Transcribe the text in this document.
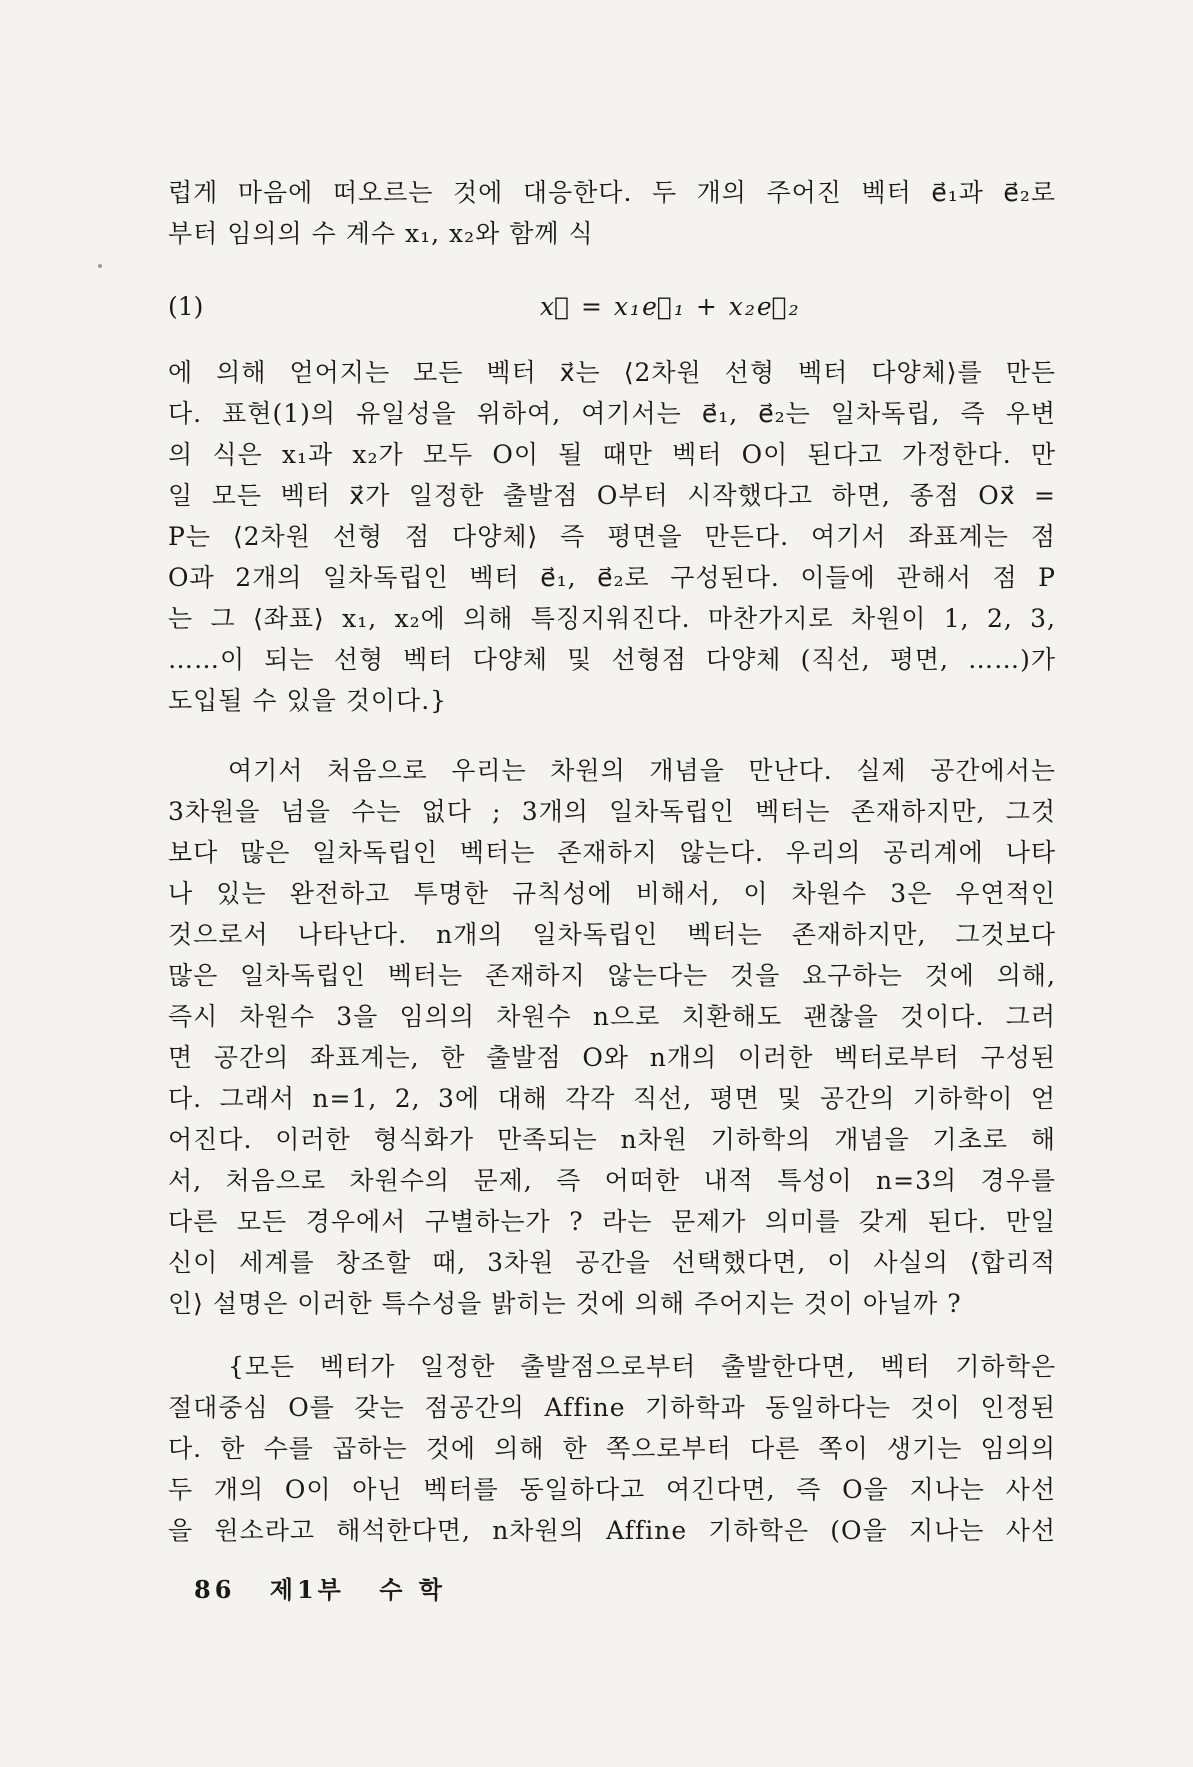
럽게 마음에 떠오르는 것에 대응한다. 두 개의 주어진 벡터 e⃗₁과 e⃗₂로
부터 임의의 수 계수 x₁, x₂와 함께 식
(1)	x⃗ = x₁e⃗₁ + x₂e⃗₂
에 의해 얻어지는 모든 벡터 x⃗는 ⟨2차원 선형 벡터 다양체⟩를 만든
다. 표현(1)의 유일성을 위하여, 여기서는 e⃗₁, e⃗₂는 일차독립, 즉 우변
의 식은 x₁과 x₂가 모두 O이 될 때만 벡터 O이 된다고 가정한다. 만
일 모든 벡터 x⃗가 일정한 출발점 O부터 시작했다고 하면, 종점 Ox⃗ =
P는 ⟨2차원 선형 점 다양체⟩ 즉 평면을 만든다. 여기서 좌표계는 점
O과 2개의 일차독립인 벡터 e⃗₁, e⃗₂로 구성된다. 이들에 관해서 점 P
는 그 ⟨좌표⟩ x₁, x₂에 의해 특징지워진다. 마찬가지로 차원이 1, 2, 3,
……이 되는 선형 벡터 다양체 및 선형점 다양체 (직선, 평면, ……)가
도입될 수 있을 것이다.}
여기서 처음으로 우리는 차원의 개념을 만난다. 실제 공간에서는
3차원을 넘을 수는 없다 ; 3개의 일차독립인 벡터는 존재하지만, 그것
보다 많은 일차독립인 벡터는 존재하지 않는다. 우리의 공리계에 나타
나 있는 완전하고 투명한 규칙성에 비해서, 이 차원수 3은 우연적인
것으로서 나타난다. n개의 일차독립인 벡터는 존재하지만, 그것보다
많은 일차독립인 벡터는 존재하지 않는다는 것을 요구하는 것에 의해,
즉시 차원수 3을 임의의 차원수 n으로 치환해도 괜찮을 것이다. 그러
면 공간의 좌표계는, 한 출발점 O와 n개의 이러한 벡터로부터 구성된
다. 그래서 n=1, 2, 3에 대해 각각 직선, 평면 및 공간의 기하학이 얻
어진다. 이러한 형식화가 만족되는 n차원 기하학의 개념을 기초로 해
서, 처음으로 차원수의 문제, 즉 어떠한 내적 특성이 n=3의 경우를
다른 모든 경우에서 구별하는가 ? 라는 문제가 의미를 갖게 된다. 만일
신이 세계를 창조할 때, 3차원 공간을 선택했다면, 이 사실의 ⟨합리적
인⟩ 설명은 이러한 특수성을 밝히는 것에 의해 주어지는 것이 아닐까 ?
{모든 벡터가 일정한 출발점으로부터 출발한다면, 벡터 기하학은
절대중심 O를 갖는 점공간의 Affine 기하학과 동일하다는 것이 인정된
다. 한 수를 곱하는 것에 의해 한 쪽으로부터 다른 쪽이 생기는 임의의
두 개의 O이 아닌 벡터를 동일하다고 여긴다면, 즉 O을 지나는 사선
을 원소라고 해석한다면, n차원의 Affine 기하학은 (O을 지나는 사선
86 제1부 수 학
